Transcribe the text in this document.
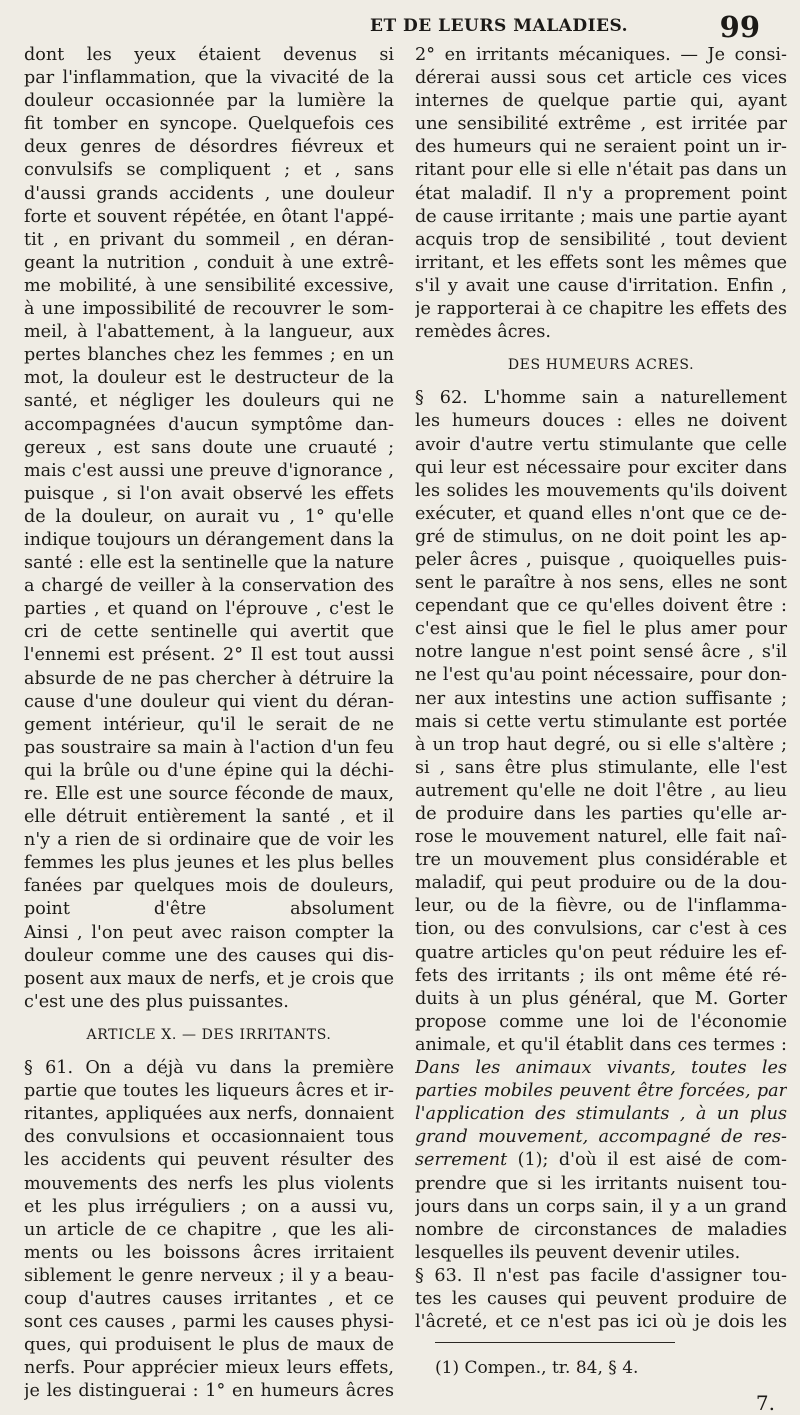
ET DE LEURS MALADIES.	99
dont les yeux étaient devenus si
par l'inflammation, que la vivacité de la
douleur occasionnée par la lumière la
fit tomber en syncope. Quelquefois ces
deux genres de désordres fiévreux et
convulsifs se compliquent ; et , sans
d'aussi grands accidents , une douleur
forte et souvent répétée, en ôtant l'appé-
tit , en privant du sommeil , en déran-
geant la nutrition , conduit à une extrê-
me mobilité, à une sensibilité excessive,
à une impossibilité de recouvrer le som-
meil, à l'abattement, à la langueur, aux
pertes blanches chez les femmes ; en un
mot, la douleur est le destructeur de la
santé, et négliger les douleurs qui ne
accompagnées d'aucun symptôme dan-
gereux , est sans doute une cruauté ;
mais c'est aussi une preuve d'ignorance ,
puisque , si l'on avait observé les effets
de la douleur, on aurait vu , 1° qu'elle
indique toujours un dérangement dans la
santé : elle est la sentinelle que la nature
a chargé de veiller à la conservation des
parties , et quand on l'éprouve , c'est le
cri de cette sentinelle qui avertit que
l'ennemi est présent. 2° Il est tout aussi
absurde de ne pas chercher à détruire la
cause d'une douleur qui vient du déran-
gement intérieur, qu'il le serait de ne
pas soustraire sa main à l'action d'un feu
qui la brûle ou d'une épine qui la déchi-
re. Elle est une source féconde de maux,
elle détruit entièrement la santé , et il
n'y a rien de si ordinaire que de voir les
femmes les plus jeunes et les plus belles
fanées par quelques mois de douleurs,
point d'être absolument
Ainsi , l'on peut avec raison compter la
douleur comme une des causes qui dis-
posent aux maux de nerfs, et je crois que
c'est une des plus puissantes.
ARTICLE X. — DES IRRITANTS.
§ 61. On a déjà vu dans la première
partie que toutes les liqueurs âcres et ir-
ritantes, appliquées aux nerfs, donnaient
des convulsions et occasionnaient tous
les accidents qui peuvent résulter des
mouvements des nerfs les plus violents
et les plus irréguliers ; on a aussi vu,
un article de ce chapitre , que les ali-
ments ou les boissons âcres irritaient
siblement le genre nerveux ; il y a beau-
coup d'autres causes irritantes , et ce
sont ces causes , parmi les causes physi-
ques, qui produisent le plus de maux de
nerfs. Pour apprécier mieux leurs effets,
je les distinguerai : 1° en humeurs âcres
2° en irritants mécaniques. — Je consi-
dérerai aussi sous cet article ces vices
internes de quelque partie qui, ayant
une sensibilité extrême , est irritée par
des humeurs qui ne seraient point un ir-
ritant pour elle si elle n'était pas dans un
état maladif. Il n'y a proprement point
de cause irritante ; mais une partie ayant
acquis trop de sensibilité , tout devient
irritant, et les effets sont les mêmes que
s'il y avait une cause d'irritation. Enfin ,
je rapporterai à ce chapitre les effets des
remèdes âcres.
DES HUMEURS ACRES.
§ 62. L'homme sain a naturellement
les humeurs douces : elles ne doivent
avoir d'autre vertu stimulante que celle
qui leur est nécessaire pour exciter dans
les solides les mouvements qu'ils doivent
exécuter, et quand elles n'ont que ce de-
gré de stimulus, on ne doit point les ap-
peler âcres , puisque , quoiquelles puis-
sent le paraître à nos sens, elles ne sont
cependant que ce qu'elles doivent être :
c'est ainsi que le fiel le plus amer pour
notre langue n'est point sensé âcre , s'il
ne l'est qu'au point nécessaire, pour don-
ner aux intestins une action suffisante ;
mais si cette vertu stimulante est portée
à un trop haut degré, ou si elle s'altère ;
si , sans être plus stimulante, elle l'est
autrement qu'elle ne doit l'être , au lieu
de produire dans les parties qu'elle ar-
rose le mouvement naturel, elle fait naî-
tre un mouvement plus considérable et
maladif, qui peut produire ou de la dou-
leur, ou de la fièvre, ou de l'inflamma-
tion, ou des convulsions, car c'est à ces
quatre articles qu'on peut réduire les ef-
fets des irritants ; ils ont même été ré-
duits à un plus général, que M. Gorter
propose comme une loi de l'économie
animale, et qu'il établit dans ces termes :
Dans les animaux vivants, toutes les
parties mobiles peuvent être forcées, par
l'application des stimulants , à un plus
grand mouvement, accompagné de res-
serrement (1); d'où il est aisé de com-
prendre que si les irritants nuisent tou-
jours dans un corps sain, il y a un grand
nombre de circonstances de maladies
lesquelles ils peuvent devenir utiles.
§ 63. Il n'est pas facile d'assigner tou-
tes les causes qui peuvent produire de
l'âcreté, et ce n'est pas ici où je dois les
(1) Compen., tr. 84, § 4.
7.
